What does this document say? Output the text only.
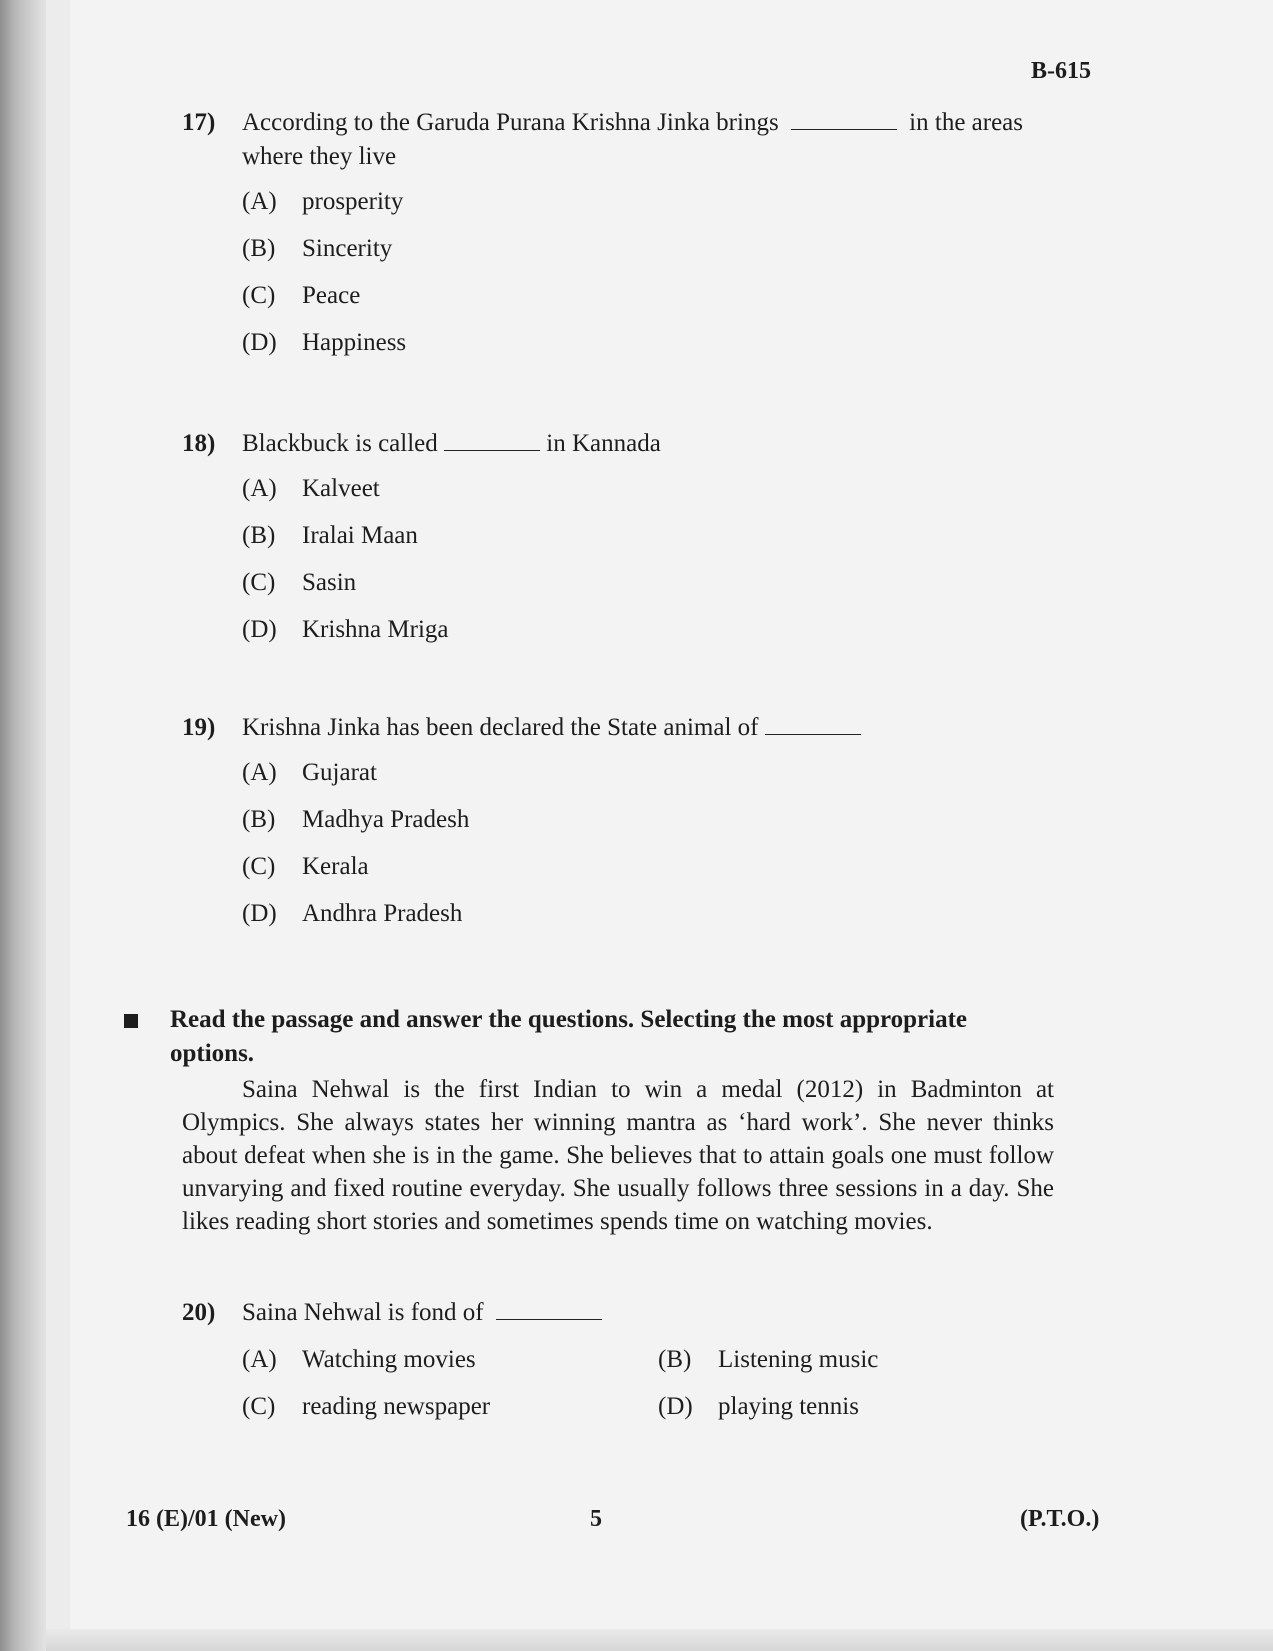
B-615
17)	According to the Garuda Purana Krishna Jinka brings	in the areas
where they live
(A)	prosperity
(B)	Sincerity
(C)	Peace
(D)	Happiness
18)	Blackbuck is called	in Kannada
(A)	Kalveet
(B)	Iralai Maan
(C)	Sasin
(D)	Krishna Mriga
19)	Krishna Jinka has been declared the State animal of
(A)	Gujarat
(B)	Madhya Pradesh
(C)	Kerala
(D)	Andhra Pradesh
Read the passage and answer the questions. Selecting the most appropriate options.
Saina Nehwal is the first Indian to win a medal (2012) in Badminton at Olympics. She always states her winning mantra as ‘hard work’. She never thinks about defeat when she is in the game. She believes that to attain goals one must follow unvarying and fixed routine everyday. She usually follows three sessions in a day. She likes reading short stories and sometimes spends time on watching movies.
20)	Saina Nehwal is fond of
(A)	Watching movies	(B)	Listening music
(C)	reading newspaper	(D)	playing tennis
16 (E)/01 (New)	5	(P.T.O.)
